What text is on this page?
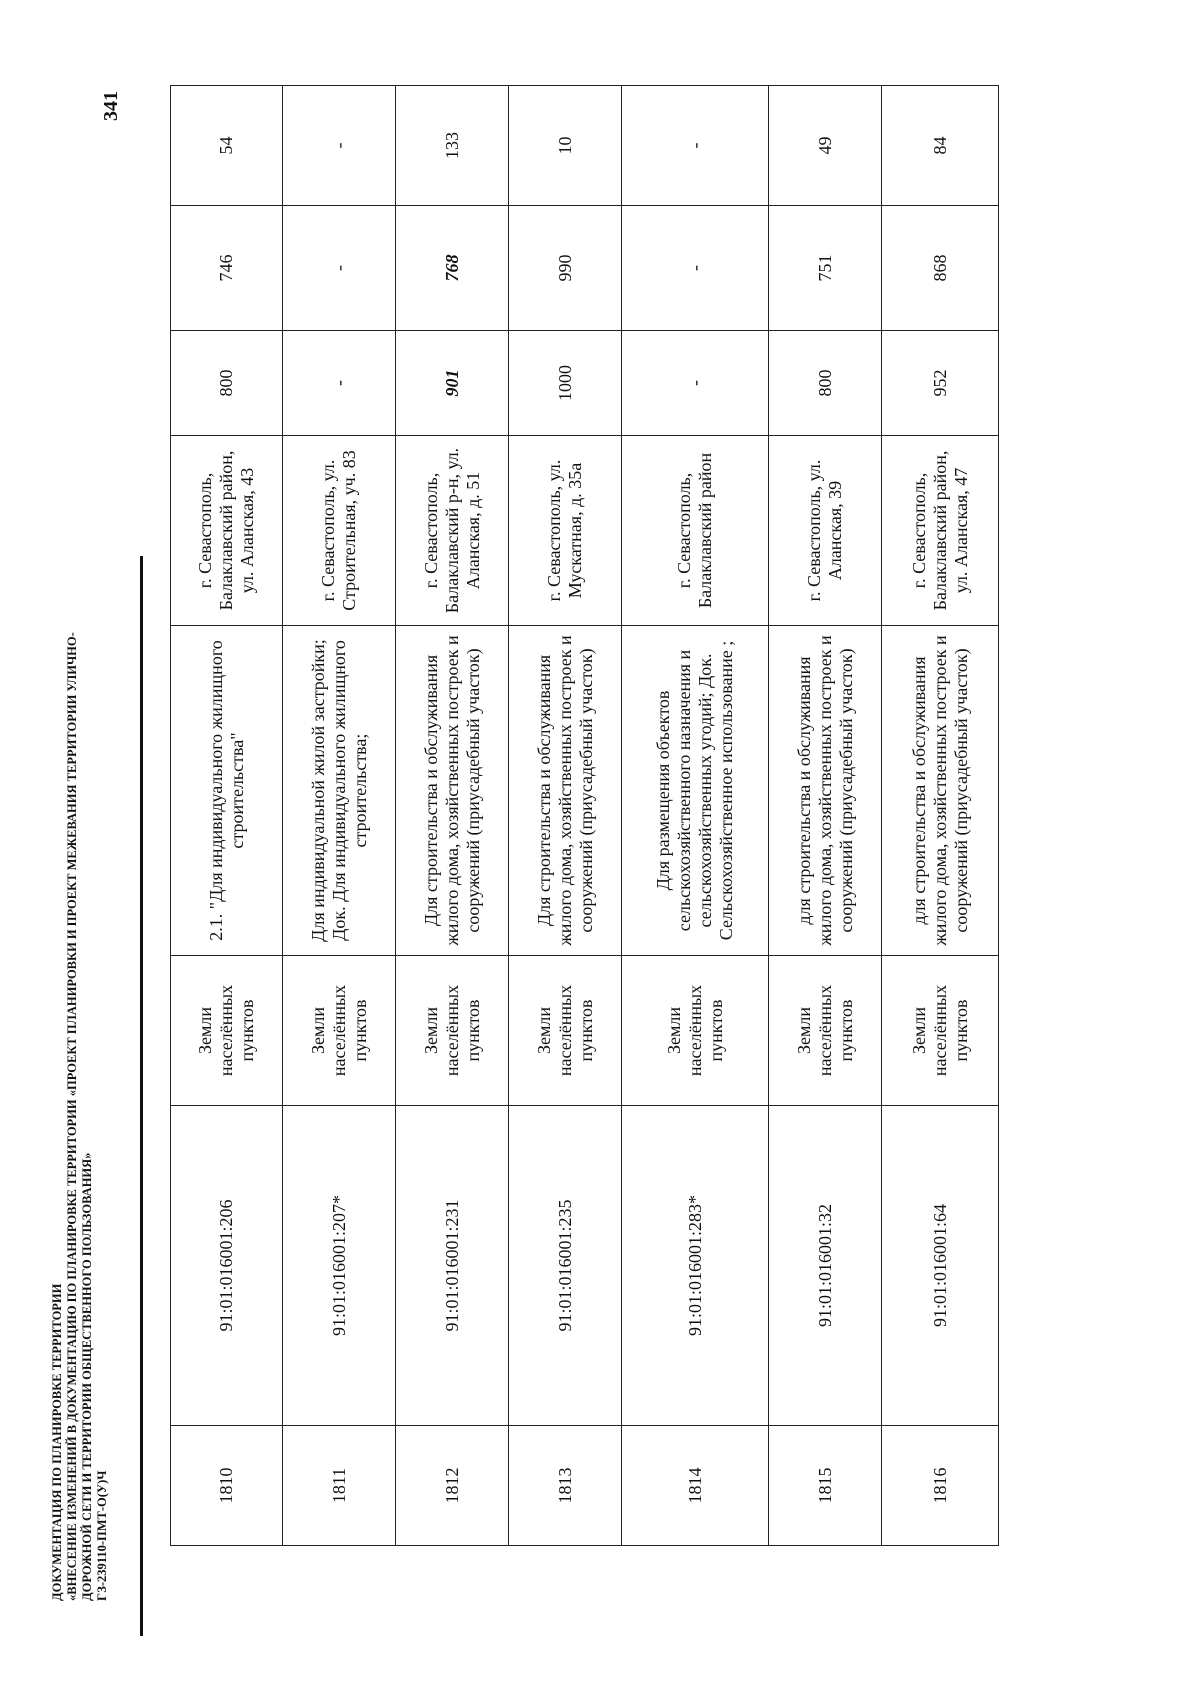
ДОКУМЕНТАЦИЯ ПО ПЛАНИРОВКЕ ТЕРРИТОРИИ «ВНЕСЕНИЕ ИЗМЕНЕНИЙ В ДОКУМЕНТАЦИЮ ПО ПЛАНИРОВКЕ ТЕРРИТОРИИ «ПРОЕКТ ПЛАНИРОВКИ И ПРОЕКТ МЕЖЕВАНИЯ ТЕРРИТОРИИ УЛИЧНО- ДОРОЖНОЙ СЕТИ И ТЕРРИТОРИИ ОБЩЕСТВЕННОГО ПОЛЬЗОВАНИЯ» ГЗ-239110-ПМТ-О(У)Ч
341
1810	91:01:016001:206	Земли населённых пунктов	2.1. "Для индивидуального жилищного строительства"	г. Севастополь, Балаклавский район, ул. Аланская, 43	800	746	54
1811	91:01:016001:207*	Земли населённых пунктов	Для индивидуальной жилой застройки; Док. Для индивидуального жилищного строительства;	г. Севастополь, ул. Строительная, уч. 83	-	-	-
1812	91:01:016001:231	Земли населённых пунктов	Для строительства и обслуживания жилого дома, хозяйственных построек и сооружений (приусадебный участок)	г. Севастополь, Балаклавский р-н, ул. Аланская, д. 51	901	768	133
1813	91:01:016001:235	Земли населённых пунктов	Для строительства и обслуживания жилого дома, хозяйственных построек и сооружений (приусадебный участок)	г. Севастополь, ул. Мускатная, д. 35а	1000	990	10
1814	91:01:016001:283*	Земли населённых пунктов	Для размещения объектов сельскохозяйственного назначения и сельскохозяйственных угодий; Док. Сельскохозяйственное использование ;	г. Севастополь, Балаклавский район	-	-	-
1815	91:01:016001:32	Земли населённых пунктов	для строительства и обслуживания жилого дома, хозяйственных построек и сооружений (приусадебный участок)	г. Севастополь, ул. Аланская, 39	800	751	49
1816	91:01:016001:64	Земли населённых пунктов	для строительства и обслуживания жилого дома, хозяйственных построек и сооружений (приусадебный участок)	г. Севастополь, Балаклавский район, ул. Аланская, 47	952	868	84
